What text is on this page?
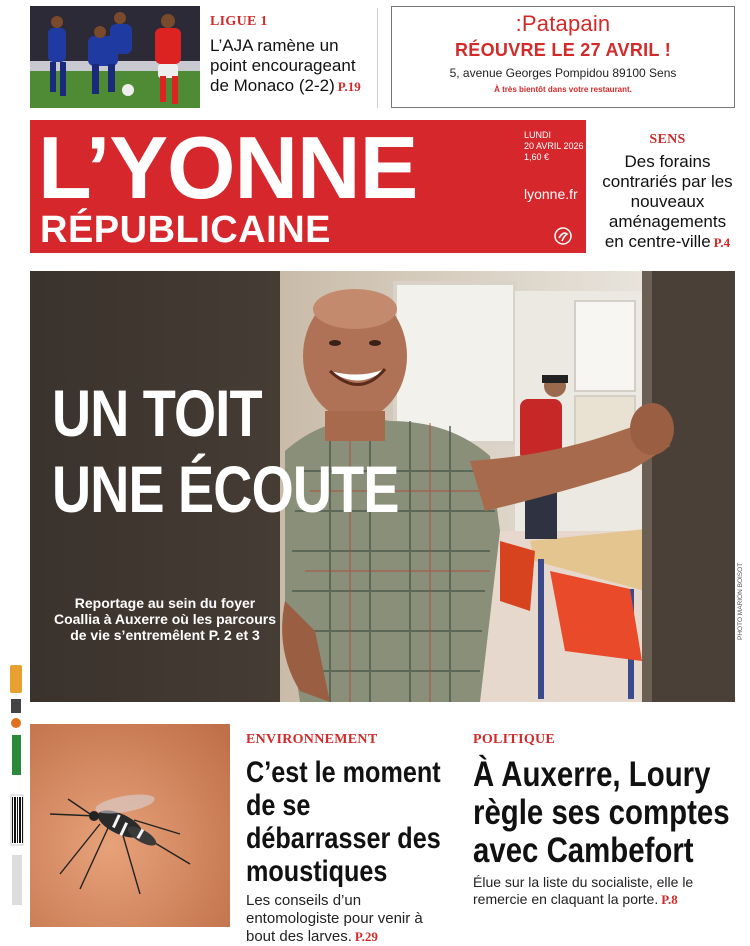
LIGUE 1
L’AJA ramène un point encourageant de Monaco (2-2) P.19
:Patapain
RÉOUVRE LE 27 AVRIL !
5, avenue Georges Pompidou 89100 Sens
À très bientôt dans votre restaurant.
L’YONNE
RÉPUBLICAINE
LUNDI
20 AVRIL 2026
1,60 €
lyonne.fr
SENS
Des forains contrariés par les nouveaux aménagements en centre-ville P.4
UN TOIT
UNE ÉCOUTE
Reportage au sein du foyer Coallia à Auxerre où les parcours de vie s’entremêlent P. 2 et 3	PHOTO MARION BOISOT
ENVIRONNEMENT
C’est le moment de se débarrasser des moustiques
Les conseils d’un entomologiste pour venir à bout des larves. P.29
POLITIQUE
À Auxerre, Loury règle ses comptes avec Cambefort
Élue sur la liste du socialiste, elle le remercie en claquant la porte. P.8
